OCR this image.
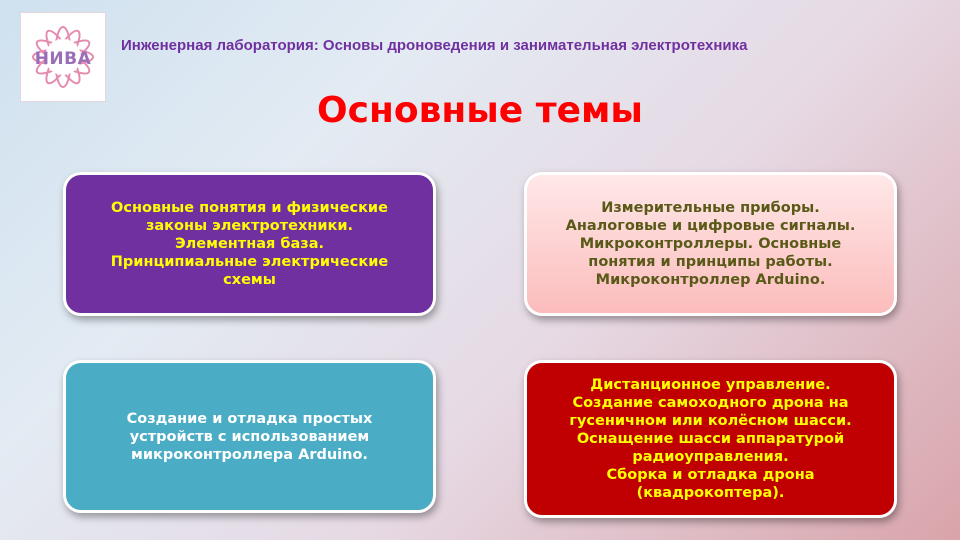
НИВА
Инженерная лаборатория: Основы дроноведения и занимательная электротехника
Основные темы
Основные понятия и физические законы электротехники.
Элементная база.
Принципиальные электрические схемы
Измерительные приборы.
Аналоговые и цифровые сигналы.
Микроконтроллеры. Основные понятия и принципы работы.
Микроконтроллер Arduino.
Создание и отладка простых устройств с использованием микроконтроллера Arduino.
Дистанционное управление.
Создание самоходного дрона на гусеничном или колёсном шасси.
Оснащение шасси аппаратурой радиоуправления.
Сборка и отладка дрона (квадрокоптера).
